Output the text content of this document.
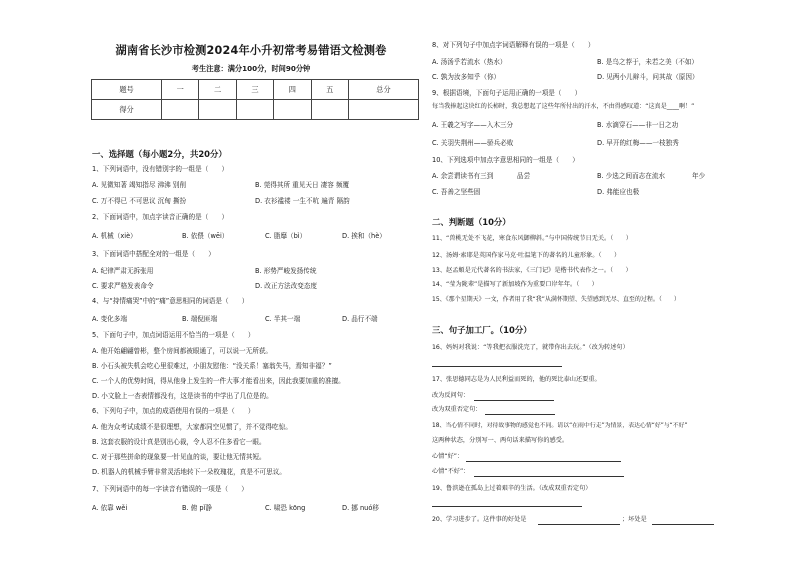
湖南省长沙市检测2024年小升初常考易错语文检测卷
考生注意：满分100分，时间90分钟
题号	一	二	三	四	五	总分
得分						
一、选择题（每小题2分，共20分）
1、下列词语中，没有错别字的一组是（　　）
A. 见微知著 竭知指尽 沸沸 别削	B. 莞得其所 重见天日 凄容 频覆
C. 万不得已 不可思议 沉甸 撕扮	D. 衣衫褴褛 一生不吭 遍青 隔韵
2、下面词语中，加点字读音正确的是（　　）
A. 机械（xiè）	B. 依偎（wēi）	C. 脂靡（bì）	D. 挨和（hè）
3、下面词语中搭配全对的一组是（　　）
A. 纪律严肃无拆张用	B. 形势严峻发扬传统
C. 要求严格发表命令	D. 改正方法改变态度
4、与“持情痛哭”中的“痛”意思相同的词语是（　　）
A. 变化多端	B. 端倪匪端	C. 半其一端	D. 品行不端
5、下面句子中，加点词语运用不恰当的一项是（　　）
A. 他开始翩翩曾彬，整个房间都被眼通了，可以说一无所获。
B. 小石头被失机会吃心里很难过，小朋友慰他：“没关系！塞翁失马，焉知非福？”
C. 一个人的优势时间，得从他身上发生的一件大事才能看出来，因此我要加重的准擅。
D. 小文脸上一杏表情都没有，这是读书的中学出了几位是的。
6、下列句子中，加点的成语使用有误的一项是（　　）
A. 他为众考试成绩不是很理想，大家都同空见惯了，并不觉得吃惊。
B. 这套衣服的设计真是别出心裁，令人忍不住多看它一眼。
C. 对于那些拼命的现象要一针见血的谈，要让他无情其短。
D. 机器人的机械手臂非常灵活地转下一朵枚瑰花，真是不可思议。
7、下列词语中的每一字读音有错误的一项是（　　）
A. 依靠 wěi	B. 俯 pǐ静	C. 啸恐 kōng	D. 挪 nuó移
8、对下列句子中加点字词语解释有误的一项是（　　）
A. 汤汤乎若流水（热水）	B. 是乌之荐于，未若之美（不如）
C. 孰为汝多知乎（你）	D. 见两小儿辩斗，问其故（原因）
9、根据语境，下面句子运用正确的一项是（　　）
每当我捧起这块红的长柿时，我总想起了这些年所付出的汗水，不由得感叹道：“这真是____啊！”
A. 王羲之写字——入木三分	B. 水滴穿石——非一日之功
C. 关羽失荆州——骄兵必败	D. 早开的红梅——一枝独秀
10、下列选项中加点字意思相同的一组是（　　）
A. 余尝谓读书有三到	品尝	B. 少选之间而志在流水	年少
C. 吾善之坚些固	D. 弗能应也极
二、判断题（10分）
11、“兽桃无处不飞花，寒食东风御柳斜。”与中国传统节日无关。（　　）
12、汤姆·索耶是英国作家马克·吐温笔下的著名的儿童形象。（　　）
13、赵孟頫是元代著名的书法家，《三门记》是楷书代表作之一。（　　）
14、“莹为陇辈”是描写了新加坡作为重要口岸年年。（　　）
15、《那个星期天》一文，作者用了我“我”从满怀期望、失望感到无尽、直至的过程。（　　）
三、句子加工厂。（10分）
16、妈妈对我说：“等我把衣服洗完了，就带你出去玩。”（改为转述句）
17、张思德同志是为人民利益而死的，他的死比泰山还要重。
改为反问句：
改为双重否定句：
18、当心情不同时，对待故事物的感觉也不同。请以“在雨中行走”为情景，表达心情“好”与“不好”
这两种状态，分别写一、两句话来描写你的感受。
心情“好”：
心情“不好”：
19、鲁滨逊在孤岛上过着艰辛的生活。（改成双重否定句）
20、学习进步了。这件事的好处是	；坏处是
